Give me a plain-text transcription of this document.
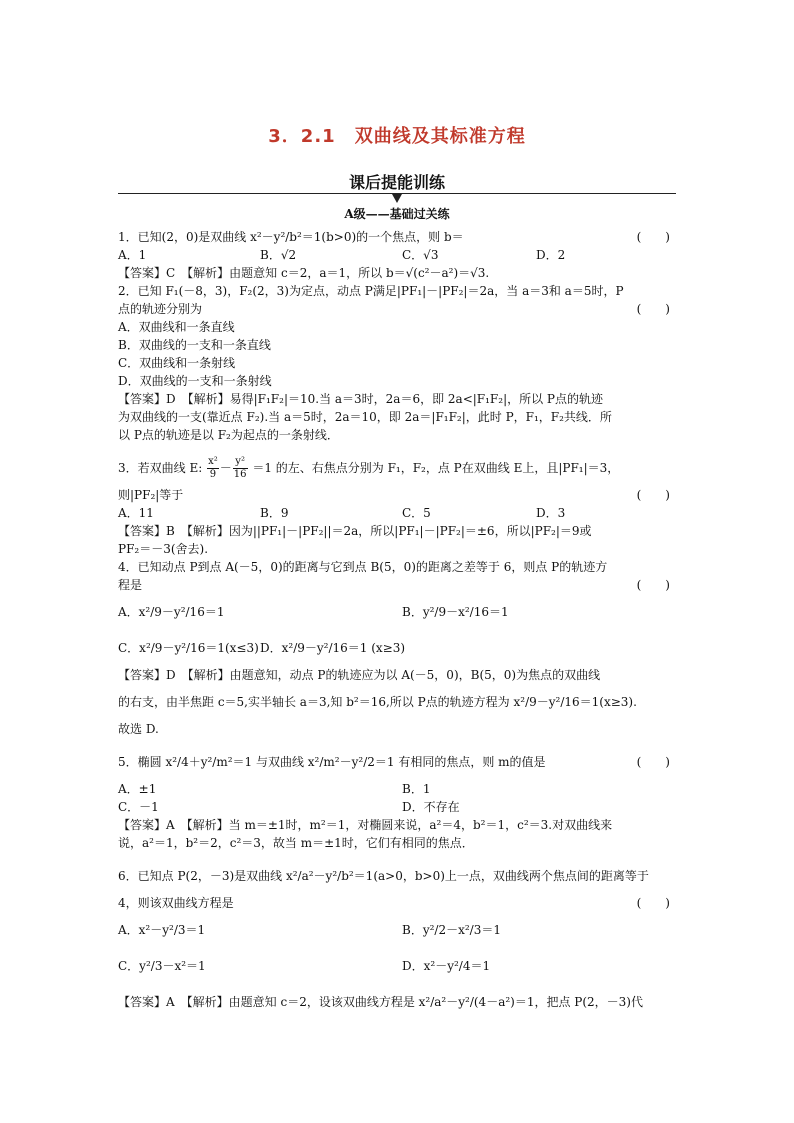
3．2.1　双曲线及其标准方程
课后提能训练
A级——基础过关练
1．已知(2，0)是双曲线 x²－y²/b²＝1(b>0)的一个焦点，则 b＝	(　　)
A．1	B．√2	C．√3	D．2
【答案】C　【解析】由题意知 c＝2，a＝1，所以 b＝√(c²－a²)＝√3.
2．已知 F₁(－8，3)，F₂(2，3)为定点，动点 P满足|PF₁|－|PF₂|＝2a，当 a＝3和 a＝5时，P
点的轨迹分别为	(　　)
A．双曲线和一条直线
B．双曲线的一支和一条直线
C．双曲线和一条射线
D．双曲线的一支和一条射线
【答案】D　【解析】易得|F₁F₂|＝10.当 a＝3时，2a＝6，即 2a<|F₁F₂|，所以 P点的轨迹
为双曲线的一支(靠近点 F₂).当 a＝5时，2a＝10，即 2a＝|F₁F₂|，此时 P，F₁，F₂共线．所
以 P点的轨迹是以 F₂为起点的一条射线．
3．若双曲线 E: $\frac{\text{x²}}{9} - \frac{\text{y²}}{16} =1$ 的左、右焦点分别为 F₁，F₂，点 P在双曲线 E上，且|PF₁|＝3，
则|PF₂|等于	(　　)
A．11	B．9	C．5	D．3
【答案】B　【解析】因为||PF₁|－|PF₂||＝2a，所以|PF₁|－|PF₂|＝±6，所以|PF₂|＝9或
PF₂＝－3(舍去).
4．已知动点 P到点 A(－5，0)的距离与它到点 B(5，0)的距离之差等于 6，则点 P的轨迹方
程是	(　　)
A．x²/9－y²/16＝1	B．y²/9－x²/16＝1
C．x²/9－y²/16＝1(x≤3) D．x²/9－y²/16＝1 (x≥3)
【答案】D　【解析】由题意知，动点 P的轨迹应为以 A(－5，0)，B(5，0)为焦点的双曲线
的右支，由半焦距 c＝5,实半轴长 a＝3,知 b²＝16,所以 P点的轨迹方程为 x²/9－y²/16＝1(x≥3).
故选 D.
5．椭圆 x²/4＋y²/m²＝1 与双曲线 x²/m²－y²/2＝1 有相同的焦点，则 m的值是	(　　)
A．±1	B．1
C．－1	D．不存在
【答案】A　【解析】当 m＝±1时，m²＝1，对椭圆来说，a²＝4，b²＝1，c²＝3.对双曲线来
说，a²＝1，b²＝2，c²＝3，故当 m＝±1时，它们有相同的焦点．
6．已知点 P(2，－3)是双曲线 x²/a²－y²/b²＝1(a>0，b>0)上一点，双曲线两个焦点间的距离等于
4，则该双曲线方程是	(　　)
A．x²－y²/3＝1	B．y²/2－x²/3＝1
C．y²/3－x²＝1	D．x²－y²/4＝1
【答案】A　【解析】由题意知 c＝2，设该双曲线方程是 x²/a²－y²/(4－a²)＝1，把点 P(2，－3)代
